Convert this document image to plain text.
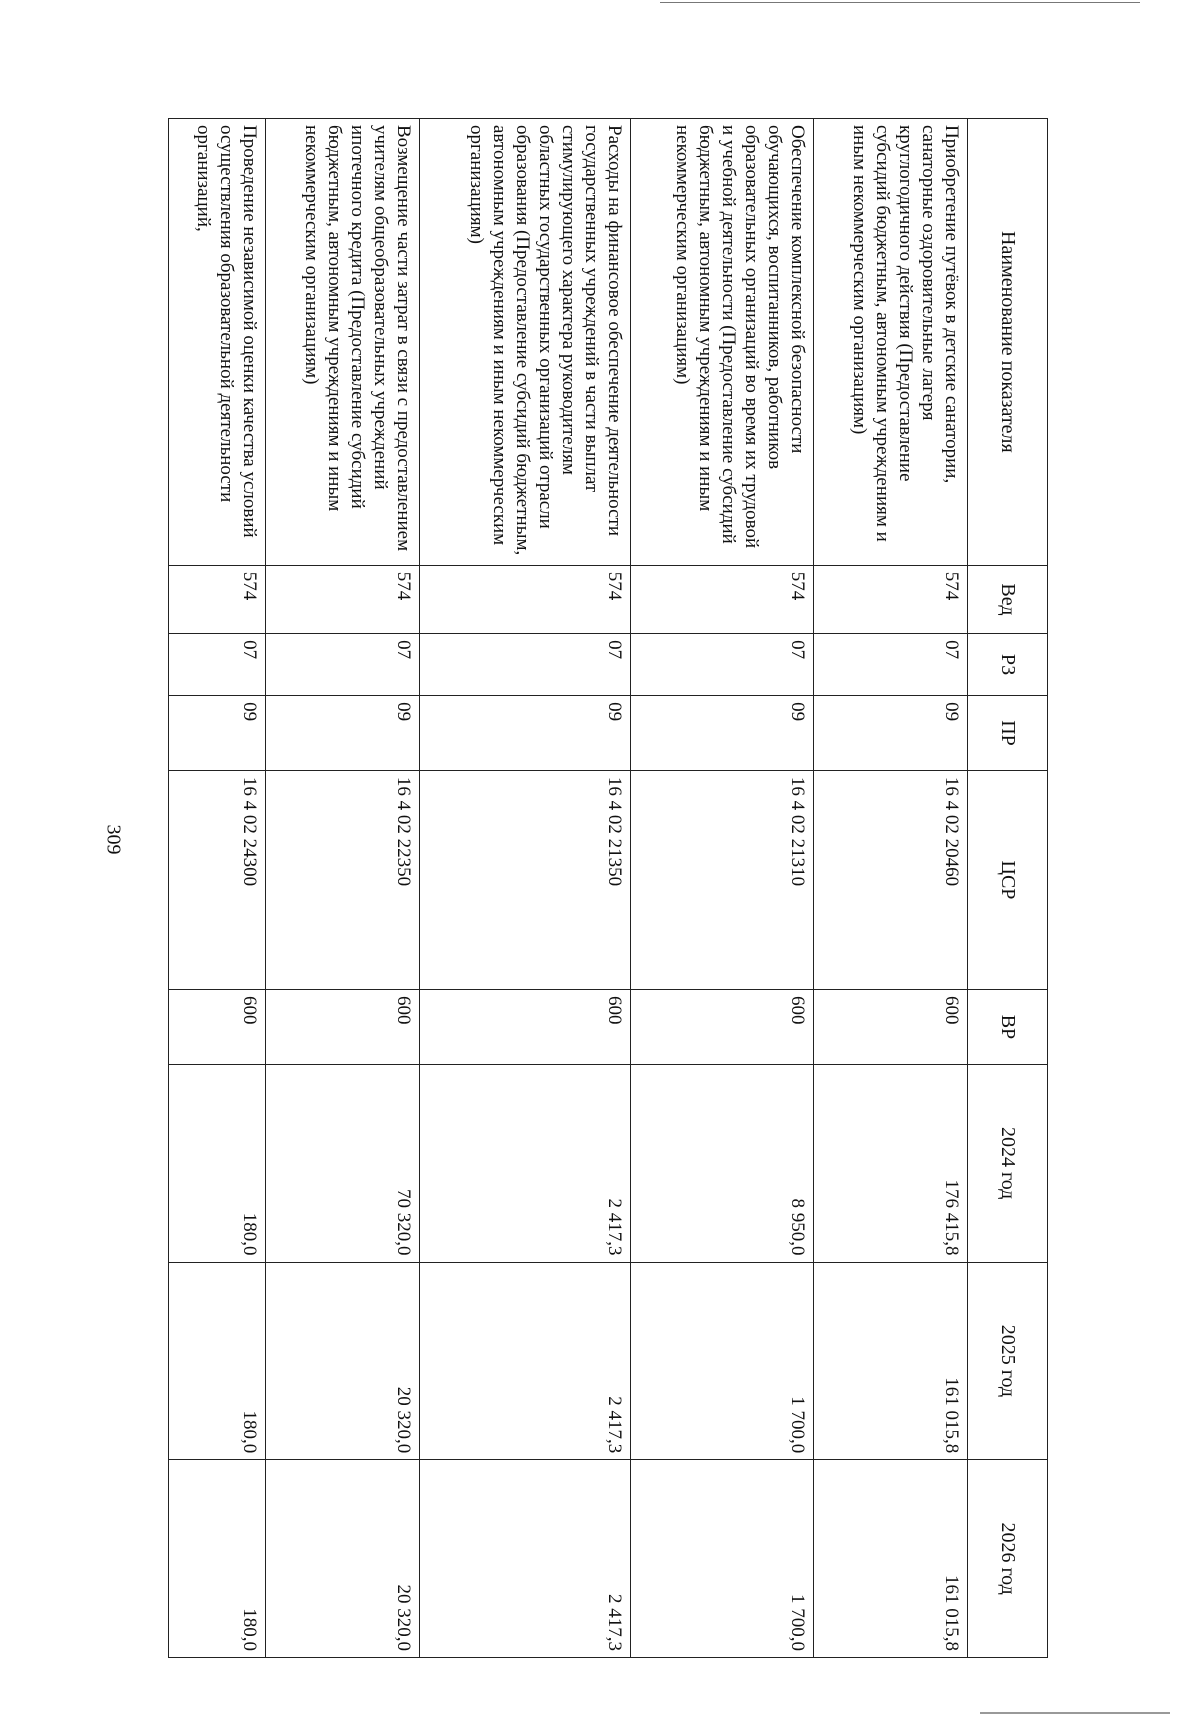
309
Наименование показателя	Вед	РЗ	ПР	ЦСР	ВР	2024 год	2025 год	2026 год
Приобретение путёвок в детские санатории, санаторные оздоровительные лагеря круглогодичного действия (Предоставление субсидий бюджетным, автономным учреждениям и иным некоммерческим организациям)	574	07	09	16 4 02 20460	600	176 415,8	161 015,8	161 015,8
Обеспечение комплексной безопасности обучающихся, воспитанников, работников образовательных организаций во время их трудовой и учебной деятельности (Предоставление субсидий бюджетным, автономным учреждениям и иным некоммерческим организациям)	574	07	09	16 4 02 21310	600	8 950,0	1 700,0	1 700,0
Расходы на финансовое обеспечение деятельности государственных учреждений в части выплат стимулирующего характера руководителям областных государственных организаций отрасли образования (Предоставление субсидий бюджетным, автономным учреждениям и иным некоммерческим организациям)	574	07	09	16 4 02 21350	600	2 417,3	2 417,3	2 417,3
Возмещение части затрат в связи с предоставлением учителям общеобразовательных учреждений ипотечного кредита (Предоставление субсидий бюджетным, автономным учреждениям и иным некоммерческим организациям)	574	07	09	16 4 02 22350	600	70 320,0	20 320,0	20 320,0
Проведение независимой оценки качества условий осуществления образовательной деятельности организаций,	574	07	09	16 4 02 24300	600	180,0	180,0	180,0
